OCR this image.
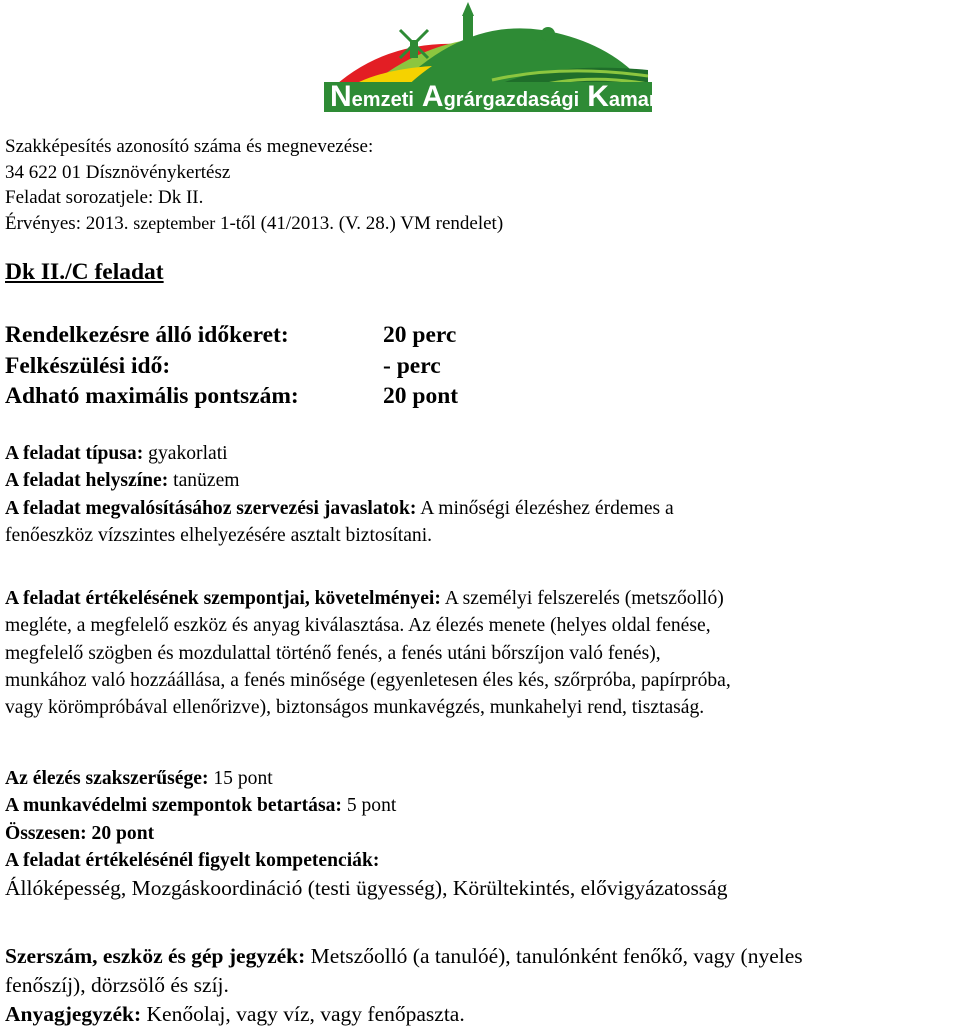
Nemzeti Agrárgazdasági Kamara
Szakképesítés azonosító száma és megnevezése:
34 622 01 Dísznövénykertész
Feladat sorozatjele: Dk II.
Érvényes: 2013. szeptember 1-től (41/2013. (V. 28.) VM rendelet)
Dk II./C feladat
Rendelkezésre álló időkeret:	20 perc
Felkészülési idő:	- perc
Adható maximális pontszám:	20 pont
A feladat típusa: gyakorlati
A feladat helyszíne: tanüzem
A feladat megvalósításához szervezési javaslatok: A minőségi élezéshez érdemes a
fenőeszköz vízszintes elhelyezésére asztalt biztosítani.
A feladat értékelésének szempontjai, követelményei: A személyi felszerelés (metszőolló)
megléte, a megfelelő eszköz és anyag kiválasztása. Az élezés menete (helyes oldal fenése,
megfelelő szögben és mozdulattal történő fenés, a fenés utáni bőrszíjon való fenés),
munkához való hozzáállása, a fenés minősége (egyenletesen éles kés, szőrpróba, papírpróba,
vagy körömpróbával ellenőrizve), biztonságos munkavégzés, munkahelyi rend, tisztaság.
Az élezés szakszerűsége: 15 pont
A munkavédelmi szempontok betartása: 5 pont
Összesen: 20 pont
A feladat értékelésénél figyelt kompetenciák:
Állóképesség, Mozgáskoordináció (testi ügyesség), Körültekintés, elővigyázatosság
Szerszám, eszköz és gép jegyzék: Metszőolló (a tanulóé), tanulónként fenőkő, vagy (nyeles
fenőszíj), dörzsölő és szíj.
Anyagjegyzék: Kenőolaj, vagy víz, vagy fenőpaszta.
